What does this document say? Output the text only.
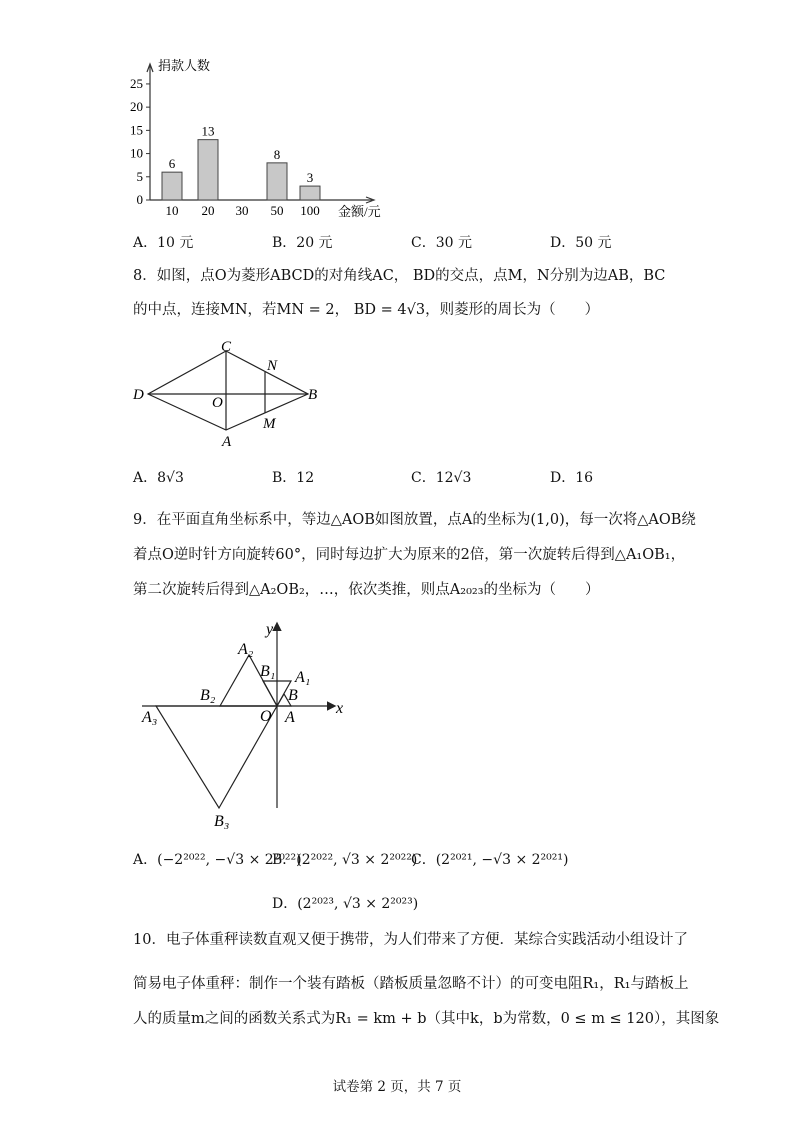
0
5
10
15
20
25
捐款人数
金额/元
6
10
13
20 30
8
50
3
100
A．10 元	B．20 元	C．30 元	D．50 元
8．如图，点O为菱形ABCD的对角线AC， BD的交点，点M，N分别为边AB，BC
的中点，连接MN，若MN = 2， BD = 4√3，则菱形的周长为（　　）
C
N
D	O	B
A
M
A．8√3	B．12	C．12√3	D．16
9．在平面直角坐标系中，等边△AOB如图放置，点A的坐标为(1,0)，每一次将△AOB绕
着点O逆时针方向旋转60°，同时每边扩大为原来的2倍，第一次旋转后得到△A₁OB₁，
第二次旋转后得到△A₂OB₂，…，依次类推，则点A₂₀₂₃的坐标为（　　）
y
x
O A
B
A₁
B₁
A₂
B₂
A₃
B₃
A．(−2²⁰²², −√3 × 2²⁰²²)
B．(2²⁰²², √3 × 2²⁰²²)
C．(2²⁰²¹, −√3 × 2²⁰²¹)
D．(2²⁰²³, √3 × 2²⁰²³)
10．电子体重秤读数直观又便于携带，为人们带来了方便．某综合实践活动小组设计了
简易电子体重秤：制作一个装有踏板（踏板质量忽略不计）的可变电阻R₁，R₁与踏板上
人的质量m之间的函数关系式为R₁ = km + b（其中k，b为常数，0 ≤ m ≤ 120），其图象
试卷第 2 页，共 7 页
